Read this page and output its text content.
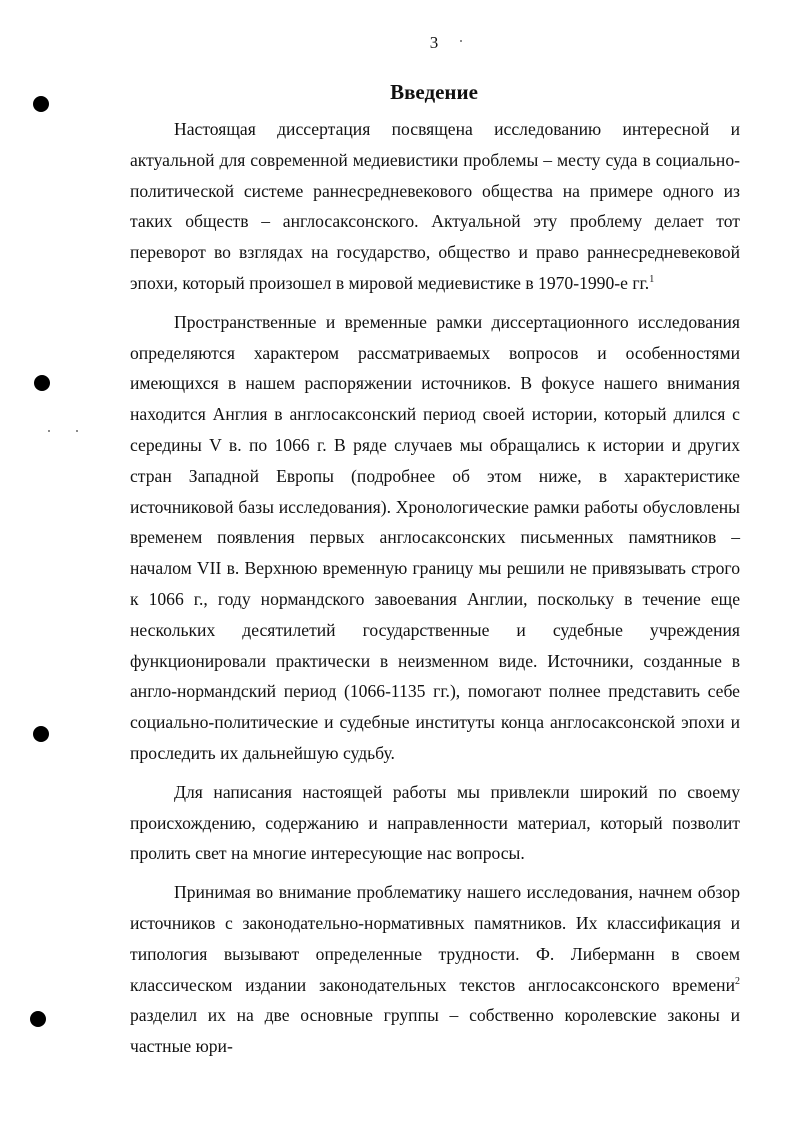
3
Введение

Настоящая диссертация посвящена исследованию интересной и актуальной для современной медиевистики проблемы – месту суда в социально-политической системе раннесредневекового общества на примере одного из таких обществ – англосаксонского. Актуальной эту проблему делает тот переворот во взглядах на государство, общество и право раннесредневековой эпохи, который произошел в мировой медиевистике в 1970-1990-е гг.$^1$

Пространственные и временные рамки диссертационного исследования определяются характером рассматриваемых вопросов и особенностями имеющихся в нашем распоряжении источников. В фокусе нашего внимания находится Англия в англосаксонский период своей истории, который длился с середины V в. по 1066 г. В ряде случаев мы обращались к истории и других стран Западной Европы (подробнее об этом ниже, в характеристике источниковой базы исследования). Хронологические рамки работы обусловлены временем появления первых англосаксонских письменных памятников – началом VII в. Верхнюю временную границу мы решили не привязывать строго к 1066 г., году нормандского завоевания Англии, поскольку в течение еще нескольких десятилетий государственные и судебные учреждения функционировали практически в неизменном виде. Источники, созданные в англо-нормандский период (1066-1135 гг.), помогают полнее представить себе социально-политические и судебные институты конца англосаксонской эпохи и проследить их дальнейшую судьбу.

Для написания настоящей работы мы привлекли широкий по своему происхождению, содержанию и направленности материал, который позволит пролить свет на многие интересующие нас вопросы.

Принимая во внимание проблематику нашего исследования, начнем обзор источников с законодательно-нормативных памятников. Их классификация и типология вызывают определенные трудности. Ф. Либерманн в своем классическом издании законодательных текстов англосаксонского времени$^2$ разделил их на две основные группы – собственно королевские законы и частные юри-
